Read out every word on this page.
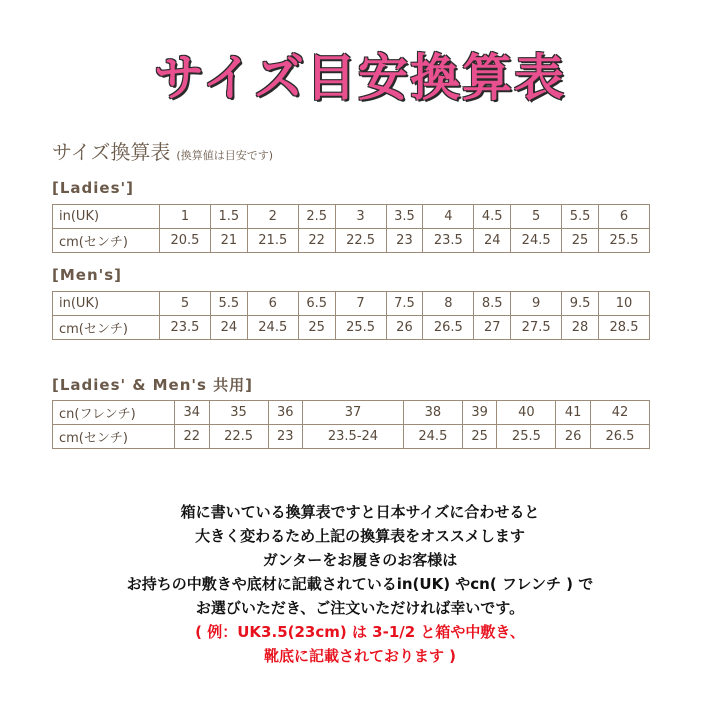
サイズ目安換算表
サイズ換算表 (換算値は目安です)
[Ladies']
in(UK)	1	1.5	2	2.5	3	3.5	4	4.5	5	5.5	6
cm(センチ)	20.5	21	21.5	22	22.5	23	23.5	24	24.5	25	25.5
[Men's]
in(UK)	5	5.5	6	6.5	7	7.5	8	8.5	9	9.5	10
cm(センチ)	23.5	24	24.5	25	25.5	26	26.5	27	27.5	28	28.5
[Ladies' & Men's 共用]
cn(フレンチ)	34	35	36	37	38	39	40	41	42
cm(センチ)	22	22.5	23	23.5-24	24.5	25	25.5	26	26.5
箱に書いている換算表ですと日本サイズに合わせると
大きく変わるため上記の換算表をオススメします
ガンターをお履きのお客様は
お持ちの中敷きや底材に記載されているin(UK) やcn( フレンチ ) で
お選びいただき、ご注文いただければ幸いです。
( 例：UK3.5(23cm) は 3-1/2 と箱や中敷き、
靴底に記載されております )
